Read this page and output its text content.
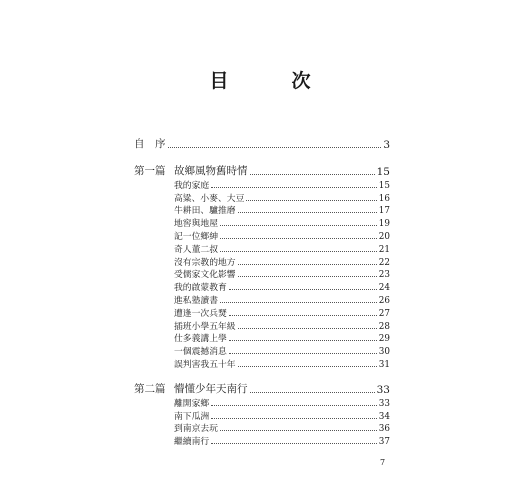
目　次
自　序	3
第一篇 故鄉風物舊時情	15
我的家庭	15
高粱、小麥、大豆	16
牛耕田、驢推磨	17
地窖與地屋	19
記一位鄉紳	20
奇人董二叔	21
沒有宗教的地方	22
受儒家文化影響	23
我的啟蒙教育	24
進私塾讀書	26
遭逢一次兵燹	27
插班小學五年級	28
仕多義講上學	29
一個震撼消息	30
誤判害我五十年	31
第二篇 懵懂少年天南行	33
離開家鄉	33
南下瓜洲	34
到南京去玩	36
繼續南行	37
7
